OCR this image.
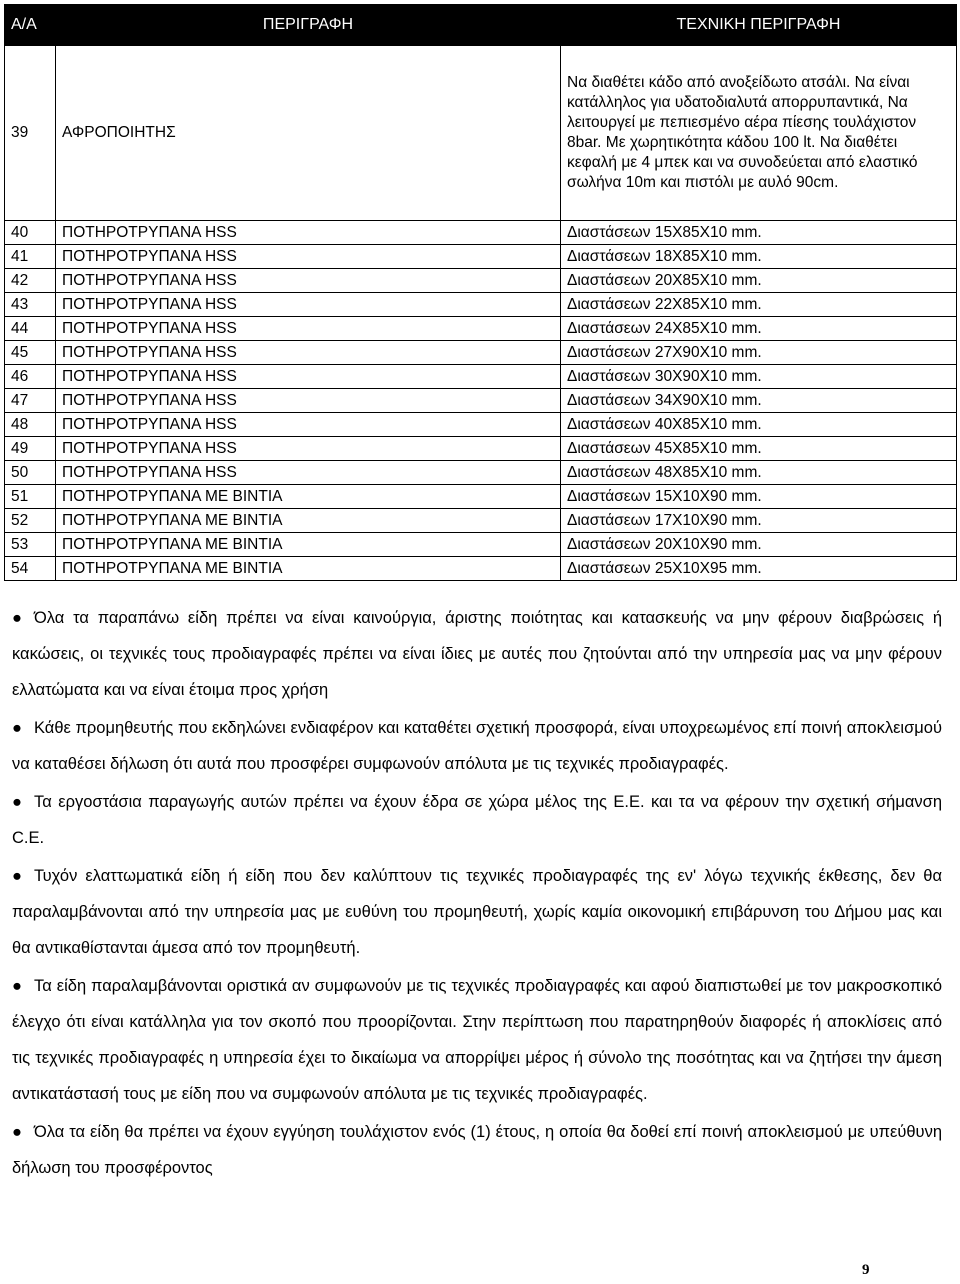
Α/Α	ΠΕΡΙΓΡΑΦΗ	ΤΕΧΝΙΚΗ ΠΕΡΙΓΡΑΦΗ
39	ΑΦΡΟΠΟΙΗΤΗΣ	Να διαθέτει κάδο από ανοξείδωτο ατσάλι. Να είναι κατάλληλος για υδατοδιαλυτά απορρυπαντικά, Να λειτουργεί με πεπιεσμένο αέρα πίεσης τουλάχιστον 8bar. Με χωρητικότητα κάδου 100 lt. Να διαθέτει κεφαλή με 4 μπεκ και να συνοδεύεται από ελαστικό σωλήνα 10m και πιστόλι με αυλό 90cm.
40	ΠΟΤΗΡΟΤΡΥΠΑΝΑ HSS	Διαστάσεων 15Χ85Χ10 mm.
41	ΠΟΤΗΡΟΤΡΥΠΑΝΑ HSS	Διαστάσεων 18Χ85Χ10 mm.
42	ΠΟΤΗΡΟΤΡΥΠΑΝΑ HSS	Διαστάσεων 20Χ85Χ10 mm.
43	ΠΟΤΗΡΟΤΡΥΠΑΝΑ HSS	Διαστάσεων 22Χ85Χ10 mm.
44	ΠΟΤΗΡΟΤΡΥΠΑΝΑ HSS	Διαστάσεων 24Χ85Χ10 mm.
45	ΠΟΤΗΡΟΤΡΥΠΑΝΑ HSS	Διαστάσεων 27Χ90Χ10 mm.
46	ΠΟΤΗΡΟΤΡΥΠΑΝΑ HSS	Διαστάσεων 30Χ90Χ10 mm.
47	ΠΟΤΗΡΟΤΡΥΠΑΝΑ HSS	Διαστάσεων 34Χ90Χ10 mm.
48	ΠΟΤΗΡΟΤΡΥΠΑΝΑ HSS	Διαστάσεων 40Χ85Χ10 mm.
49	ΠΟΤΗΡΟΤΡΥΠΑΝΑ HSS	Διαστάσεων 45Χ85Χ10 mm.
50	ΠΟΤΗΡΟΤΡΥΠΑΝΑ HSS	Διαστάσεων 48Χ85Χ10 mm.
51	ΠΟΤΗΡΟΤΡΥΠΑΝΑ ΜΕ ΒΙΝΤΙΑ	Διαστάσεων 15Χ10Χ90 mm.
52	ΠΟΤΗΡΟΤΡΥΠΑΝΑ ΜΕ ΒΙΝΤΙΑ	Διαστάσεων 17Χ10Χ90 mm.
53	ΠΟΤΗΡΟΤΡΥΠΑΝΑ ΜΕ ΒΙΝΤΙΑ	Διαστάσεων 20Χ10Χ90 mm.
54	ΠΟΤΗΡΟΤΡΥΠΑΝΑ ΜΕ ΒΙΝΤΙΑ	Διαστάσεων 25Χ10Χ95 mm.

● Όλα τα παραπάνω είδη πρέπει να είναι καινούργια, άριστης ποιότητας και κατασκευής να μην φέρουν διαβρώσεις ή κακώσεις, οι τεχνικές τους προδιαγραφές πρέπει να είναι ίδιες με αυτές που ζητούνται από την υπηρεσία μας να μην φέρουν ελλατώματα και να είναι έτοιμα προς χρήση

● Κάθε προμηθευτής που εκδηλώνει ενδιαφέρον και καταθέτει σχετική προσφορά, είναι υποχρεωμένος επί ποινή αποκλεισμού να καταθέσει δήλωση ότι αυτά που προσφέρει συμφωνούν απόλυτα με τις τεχνικές προδιαγραφές.

● Τα εργοστάσια παραγωγής αυτών πρέπει να έχουν έδρα σε χώρα μέλος της Ε.Ε. και τα να φέρουν την σχετική σήμανση C.E.

● Τυχόν ελαττωματικά είδη ή είδη που δεν καλύπτουν τις τεχνικές προδιαγραφές της εν' λόγω τεχνικής έκθεσης, δεν θα παραλαμβάνονται από την υπηρεσία μας με ευθύνη του προμηθευτή, χωρίς καμία οικονομική επιβάρυνση του Δήμου μας και θα αντικαθίστανται άμεσα από τον προμηθευτή.

● Τα είδη παραλαμβάνονται οριστικά αν συμφωνούν με τις τεχνικές προδιαγραφές και αφού διαπιστωθεί με τον μακροσκοπικό έλεγχο ότι είναι κατάλληλα για τον σκοπό που προορίζονται. Στην περίπτωση που παρατηρηθούν διαφορές ή αποκλίσεις από τις τεχνικές προδιαγραφές η υπηρεσία έχει το δικαίωμα να απορρίψει μέρος ή σύνολο της ποσότητας και να ζητήσει την άμεση αντικατάστασή τους με είδη που να συμφωνούν απόλυτα με τις τεχνικές προδιαγραφές.

● Όλα τα είδη θα πρέπει να έχουν εγγύηση τουλάχιστον ενός (1) έτους, η οποία θα δοθεί επί ποινή αποκλεισμού με υπεύθυνη δήλωση του προσφέροντος

9
